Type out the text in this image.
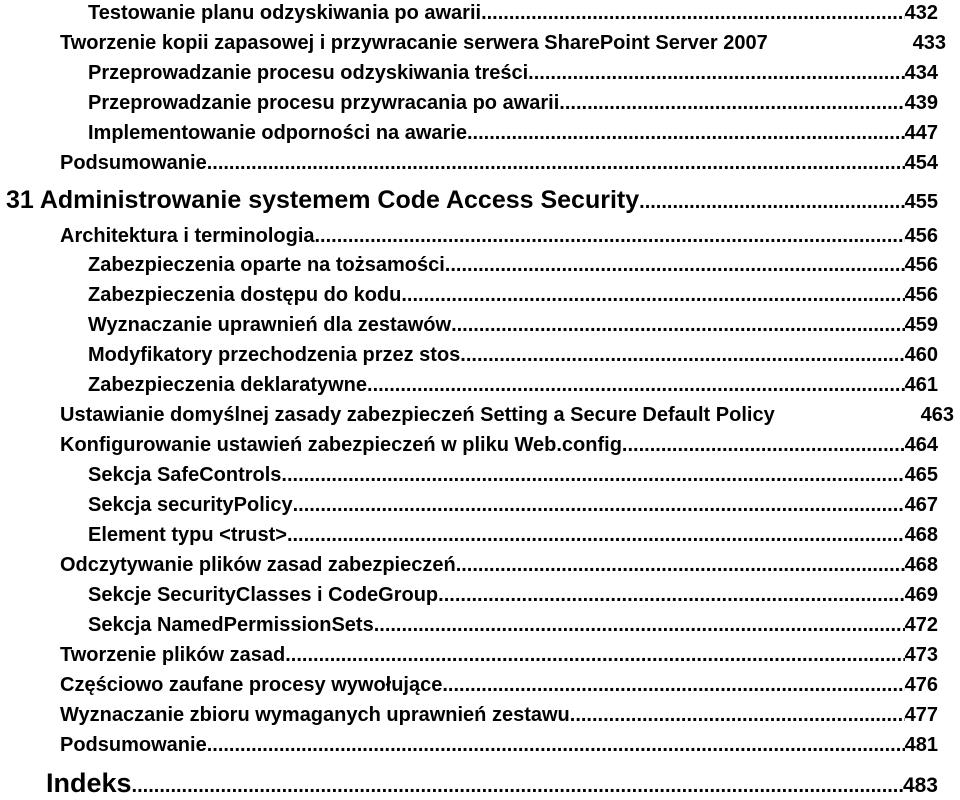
Testowanie planu odzyskiwania po awarii .....	432
Tworzenie kopii zapasowej i przywracanie serwera SharePoint Server 2007	433
Przeprowadzanie procesu odzyskiwania treści .....	434
Przeprowadzanie procesu przywracania po awarii .....	439
Implementowanie odporności na awarie .....	447
Podsumowanie .....	454
31 Administrowanie systemem Code Access Security .....	455
Architektura i terminologia .....	456
Zabezpieczenia oparte na tożsamości .....	456
Zabezpieczenia dostępu do kodu .....	456
Wyznaczanie uprawnień dla zestawów .....	459
Modyfikatory przechodzenia przez stos .....	460
Zabezpieczenia deklaratywne .....	461
Ustawianie domyślnej zasady zabezpieczeń Setting a Secure Default Policy	463
Konfigurowanie ustawień zabezpieczeń w pliku Web.config .....	464
Sekcja SafeControls .....	465
Sekcja securityPolicy .....	467
Element typu <trust> .....	468
Odczytywanie plików zasad zabezpieczeń .....	468
Sekcje SecurityClasses i CodeGroup .....	469
Sekcja NamedPermissionSets .....	472
Tworzenie plików zasad .....	473
Częściowo zaufane procesy wywołujące .....	476
Wyznaczanie zbioru wymaganych uprawnień zestawu .....	477
Podsumowanie .....	481
Indeks .....	483
